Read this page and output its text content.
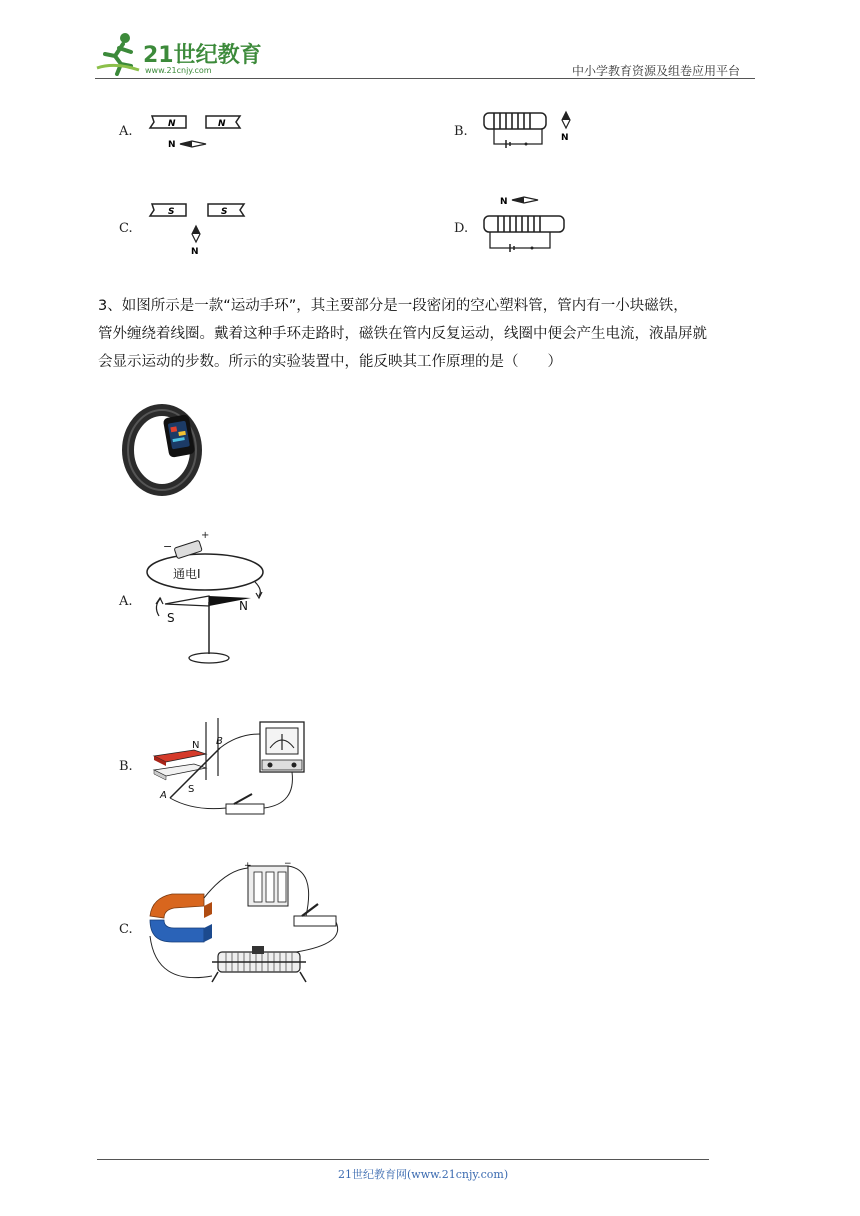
21世纪教育
www.21cnjy.com	中小学教育资源及组卷应用平台
A.	N	N
N
B.	N
C.
S	S
N
D.
N
3、如图所示是一款“运动手环”，其主要部分是一段密闭的空心塑料管，管内有一小块磁铁，
管外缠绕着线圈。戴着这种手环走路时，磁铁在管内反复运动，线圈中便会产生电流，液晶屏就
会显示运动的步数。所示的实验装置中，能反映其工作原理的是（　　）
A.
−
+
通电I
S
N
B.
N
S
A
B
C.
+	−
21世纪教育网(www.21cnjy.com)
